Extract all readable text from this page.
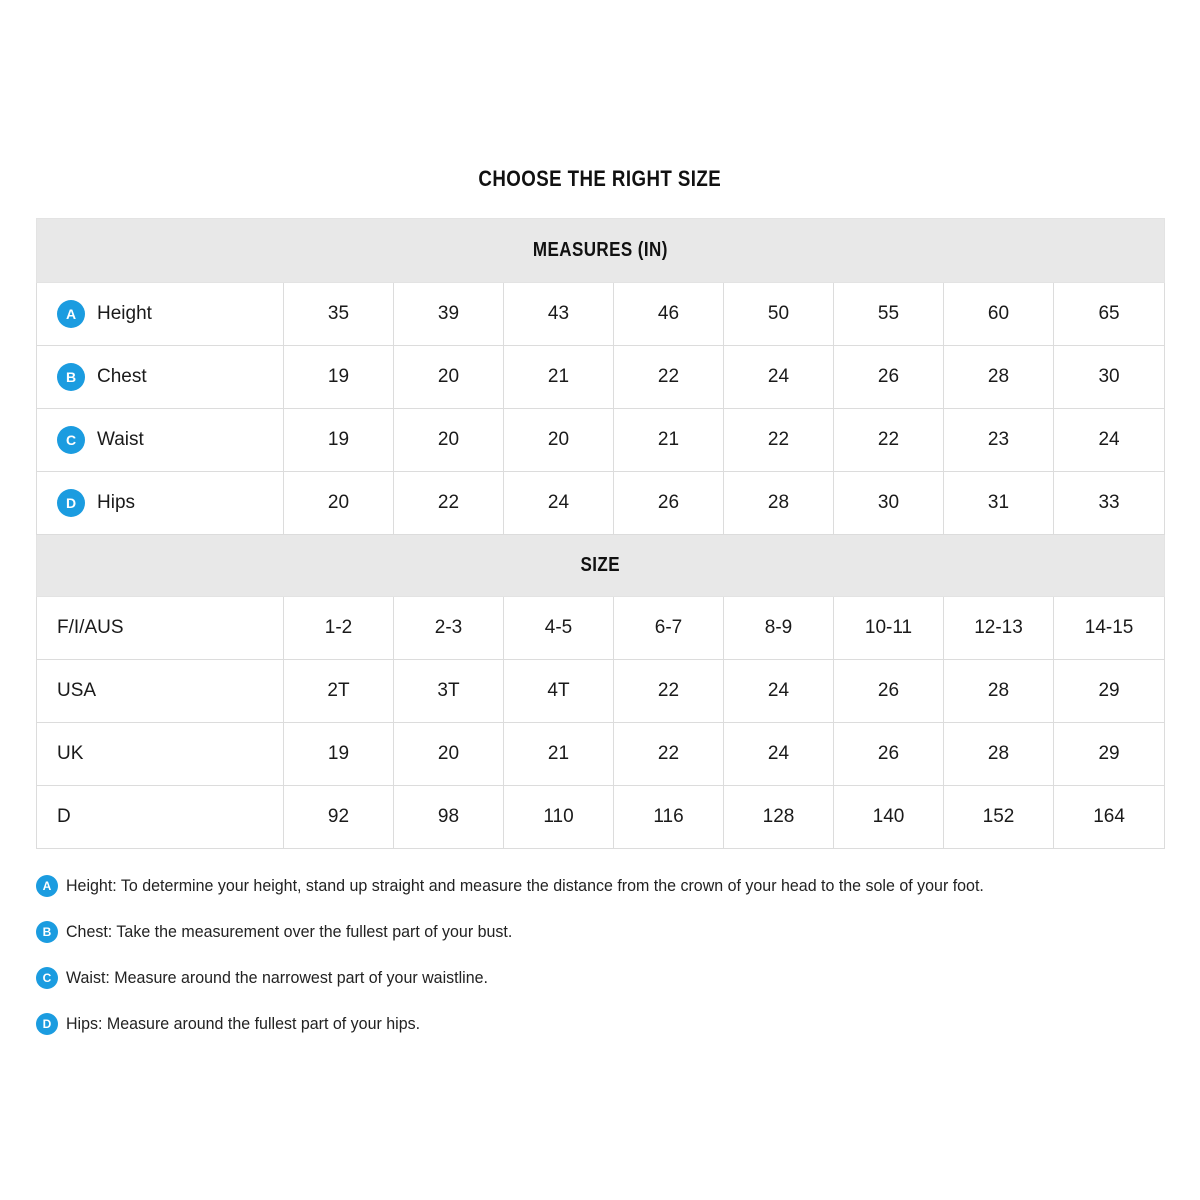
CHOOSE THE RIGHT SIZE
MEASURES (IN)								

A Height	35	39	43	46	50	55	60	65

B Chest	19	20	21	22	24	26	28	30

C Waist	19	20	20	21	22	22	23	24

D Hips	20	22	24	26	28	30	31	33
SIZE								
F/I/AUS	1-2	2-3	4-5	6-7	8-9	10-11	12-13	14-15
USA	2T	3T	4T	22	24	26	28	29
UK	19	20	21	22	24	26	28	29
D	92	98	110	116	128	140	152	164
A Height: To determine your height, stand up straight and measure the distance from the crown of your head to the sole of your foot.
B Chest: Take the measurement over the fullest part of your bust.
C Waist: Measure around the narrowest part of your waistline.
D Hips: Measure around the fullest part of your hips.
